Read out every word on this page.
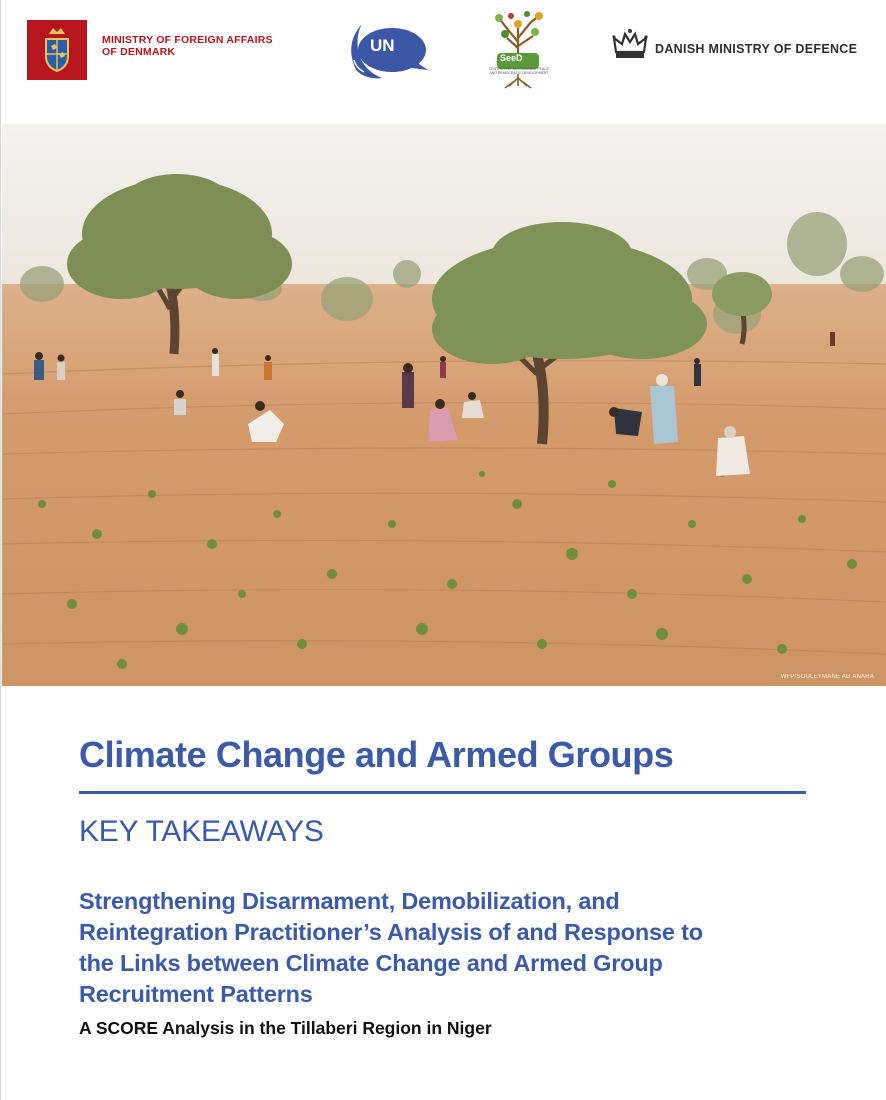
MINISTRY OF FOREIGN AFFAIRS
OF DENMARK	UN
SeeD
CENTRE FOR SUSTAINABLE PEACE AND DEMOCRATIC DEVELOPMENT
DANISH MINISTRY OF DEFENCE
WFP/SOULEYMANE AG ANARA
Climate Change and Armed Groups
KEY TAKEAWAYS
Strengthening Disarmament, Demobilization, and
Reintegration Practitioner’s Analysis of and Response to
the Links between Climate Change and Armed Group
Recruitment Patterns
A SCORE Analysis in the Tillaberi Region in Niger
